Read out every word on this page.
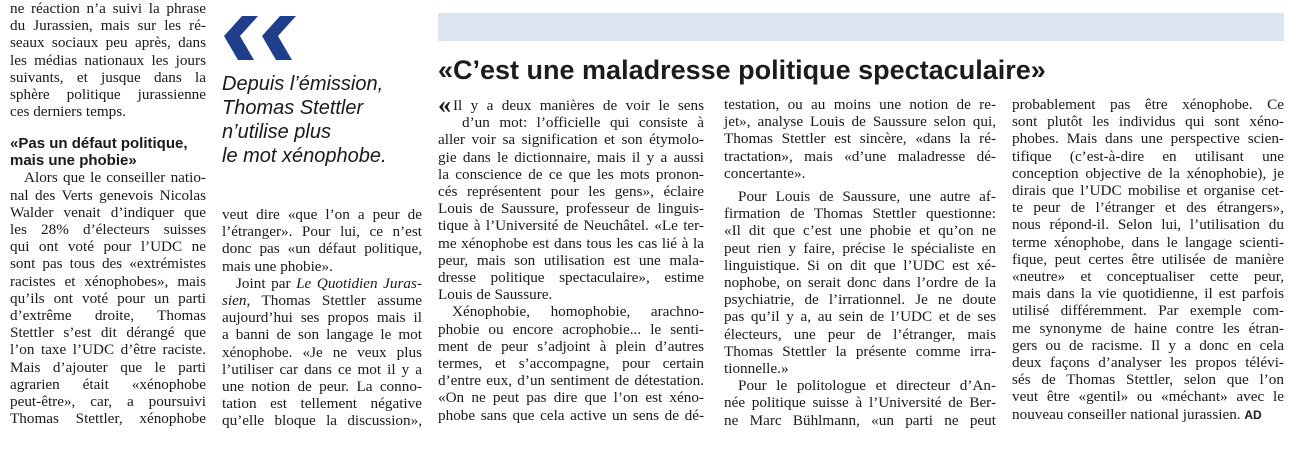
ne réaction n’a suivi la phrase

du Jurassien, mais sur les ré-

seaux sociaux peu après, dans

les médias nationaux les jours

suivants, et jusque dans la

sphère politique jurassienne

ces derniers temps.

«Pas un défaut politique,

mais une phobie»

Alors que le conseiller natio-

nal des Verts genevois Nicolas

Walder venait d’indiquer que

les 28% d’électeurs suisses

qui ont voté pour l’UDC ne

sont pas tous des «extrémistes

racistes et xénophobes», mais

qu’ils ont voté pour un parti

d’extrême droite, Thomas

Stettler s’est dit dérangé que

l’on taxe l’UDC d’être raciste.

Mais d’ajouter que le parti

agrarien était «xénophobe

peut-être», car, a poursuivi

Thomas Stettler, xénophobe

Depuis l’émission,
Thomas Stettler
n’utilise plus
le mot xénophobe.

veut dire «que l’on a peur de

l’étranger». Pour lui, ce n’est

donc pas «un défaut politique,

mais une phobie».

Joint par Le Quotidien Juras-

sien, Thomas Stettler assume

aujourd’hui ses propos mais il

a banni de son langage le mot

xénophobe. «Je ne veux plus

l’utiliser car dans ce mot il y a

une notion de peur. La conno-

tation est tellement négative

qu’elle bloque la discussion»,

«C’est une maladresse politique spectaculaire»

« Il y a deux manières de voir le sens

d’un mot: l’officielle qui consiste à

aller voir sa signification et son étymolo-

gie dans le dictionnaire, mais il y a aussi

la conscience de ce que les mots pronon-

cés représentent pour les gens», éclaire

Louis de Saussure, professeur de linguis-

tique à l’Université de Neuchâtel. «Le ter-

me xénophobe est dans tous les cas lié à la

peur, mais son utilisation est une mala-

dresse politique spectaculaire», estime

Louis de Saussure.

Xénophobie, homophobie, arachno-

phobie ou encore acrophobie... le senti-

ment de peur s’adjoint à plein d’autres

termes, et s’accompagne, pour certain

d’entre eux, d’un sentiment de détestation.

«On ne peut pas dire que l’on est xéno-

phobe sans que cela active un sens de dé-

testation, ou au moins une notion de re-

jet», analyse Louis de Saussure selon qui,

Thomas Stettler est sincère, «dans la ré-

tractation», mais «d’une maladresse dé-

concertante».

Pour Louis de Saussure, une autre af-

firmation de Thomas Stettler questionne:

«Il dit que c’est une phobie et qu’on ne

peut rien y faire, précise le spécialiste en

linguistique. Si on dit que l’UDC est xé-

nophobe, on serait donc dans l’ordre de la

psychiatrie, de l’irrationnel. Je ne doute

pas qu’il y a, au sein de l’UDC et de ses

électeurs, une peur de l’étranger, mais

Thomas Stettler la présente comme irra-

tionnelle.»

Pour le politologue et directeur d’An-

née politique suisse à l’Université de Ber-

ne Marc Bühlmann, «un parti ne peut

probablement pas être xénophobe. Ce

sont plutôt les individus qui sont xéno-

phobes. Mais dans une perspective scien-

tifique (c’est-à-dire en utilisant une

conception objective de la xénophobie), je

dirais que l’UDC mobilise et organise cet-

te peur de l’étranger et des étrangers»,

nous répond-il. Selon lui, l’utilisation du

terme xénophobe, dans le langage scienti-

fique, peut certes être utilisée de manière

«neutre» et conceptualiser cette peur,

mais dans la vie quotidienne, il est parfois

utilisé différemment. Par exemple com-

me synonyme de haine contre les étran-

gers ou de racisme. Il y a donc en cela

deux façons d’analyser les propos télévi-

sés de Thomas Stettler, selon que l’on

veut être «gentil» ou «méchant» avec le

nouveau conseiller national jurassien. AD
